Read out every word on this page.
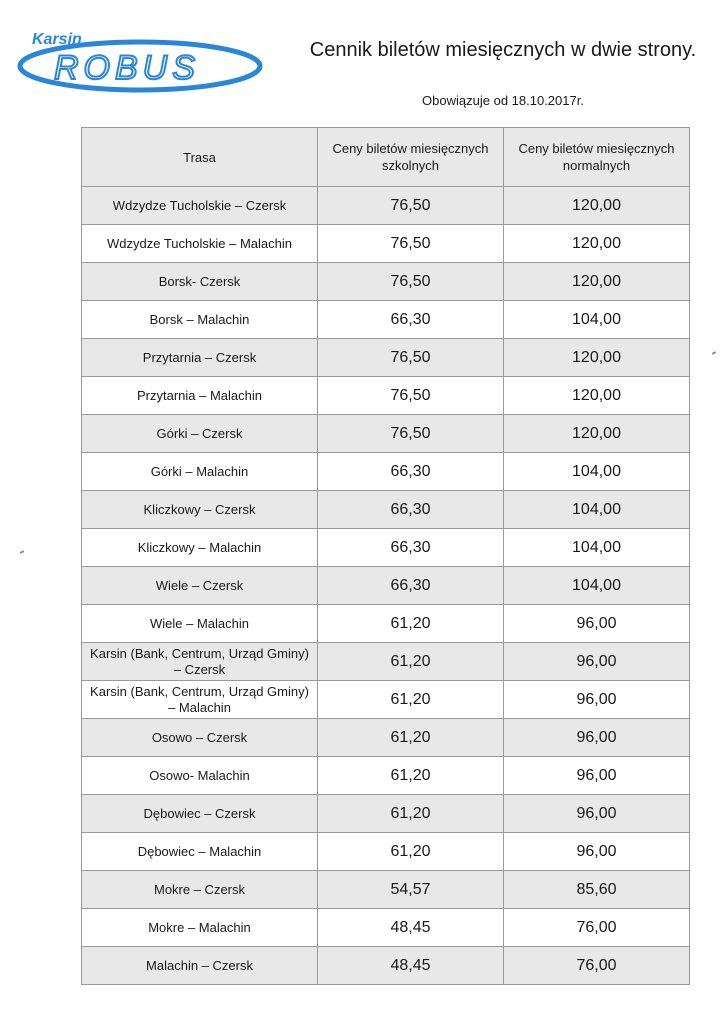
Karsin
ROBUS	Cennik biletów miesięcznych w dwie strony.
Obowiązuje od 18.10.2017r.
Trasa	Ceny biletów miesięcznych szkolnych	Ceny biletów miesięcznych normalnych
Wdzydze Tucholskie – Czersk	76,50	120,00
Wdzydze Tucholskie – Malachin	76,50	120,00
Borsk- Czersk	76,50	120,00
Borsk – Malachin	66,30	104,00
Przytarnia – Czersk	76,50	120,00
Przytarnia – Malachin	76,50	120,00
Górki – Czersk	76,50	120,00
Górki – Malachin	66,30	104,00
Kliczkowy – Czersk	66,30	104,00
Kliczkowy – Malachin	66,30	104,00
Wiele – Czersk	66,30	104,00
Wiele – Malachin	61,20	96,00
Karsin (Bank, Centrum, Urząd Gminy) – Czersk	61,20	96,00
Karsin (Bank, Centrum, Urząd Gminy) – Malachin	61,20	96,00
Osowo – Czersk	61,20	96,00
Osowo- Malachin	61,20	96,00
Dębowiec – Czersk	61,20	96,00
Dębowiec – Malachin	61,20	96,00
Mokre – Czersk	54,57	85,60
Mokre – Malachin	48,45	76,00
Malachin – Czersk	48,45	76,00
